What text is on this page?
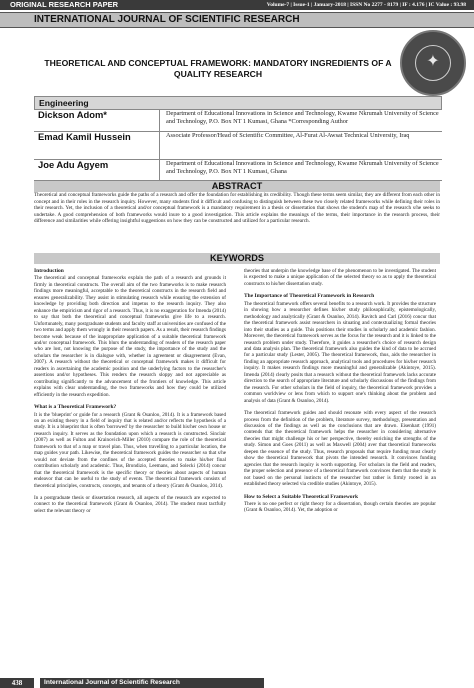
ORIGINAL RESEARCH PAPER	Volume-7 | Issue-1 | January-2018 | ISSN No 2277 - 8179 | IF : 4.176 | IC Value : 93.98
INTERNATIONAL JOURNAL OF SCIENTIFIC RESEARCH
✦
THEORETICAL AND CONCEPTUAL FRAMEWORK: MANDATORY INGREDIENTS OF A QUALITY RESEARCH
Engineering
Dickson Adom*	Department of Educational Innovations in Science and Technology, Kwame Nkrumah University of Science and Technology, P.O. Box NT 1 Kumasi, Ghana *Corresponding Author
Emad Kamil Hussein	Associate Professor/Head of Scientific Committee, Al-Furat Al-Awsat Technical University, Iraq
Joe Adu Agyem	Department of Educational Innovations in Science and Technology, Kwame Nkrumah University of Science and Technology, P.O. Box NT 1 Kumasi, Ghana
ABSTRACT

Theoretical and conceptual frameworks guide the paths of a research and offer the foundation for establishing its credibility. Though these terms seem similar, they are different from each other in concept and in their roles in the research inquiry. However, many students find it difficult and confusing to distinguish between these two closely related frameworks while defining their roles in their research. Yet, the inclusion of a theoretical and/or conceptual framework is a mandatory requirement in a thesis or dissertation that shows the student's map of the research s/he seeks to undertake. A good comprehension of both frameworks would inure to a good investigation. This article explains the meanings of the terms, their importance in the research process, their difference and similarities while offering insightful suggestions on how they can be constructed and utilized for a particular research.

KEYWORDS
Introduction

The theoretical and conceptual frameworks explain the path of a research and grounds it firmly in theoretical constructs. The overall aim of the two frameworks is to make research findings more meaningful, acceptable to the theoretical constructs in the research field and ensures generalizability. They assist in stimulating research while ensuring the extension of knowledge by providing both direction and impetus to the research inquiry. They also enhance the empiricism and rigor of a research. Thus, it is no exaggeration for Imenda (2014) to say that both the theoretical and conceptual frameworks give life to a research. Unfortunately, many postgraduate students and faculty staff at universities are confused of the two terms and apply them wrongly in their research papers. As a result, their research findings become weak because of the inappropriate application of a suitable theoretical framework and/or conceptual framework. This blurs the understanding of readers of the research paper who are lost, not knowing the purpose of the study, the importance of the study and the scholars the researcher is in dialogue with, whether in agreement or disagreement (Evan, 2007). A research without the theoretical or conceptual framework makes it difficult for readers in ascertaining the academic position and the underlying factors to the researcher's assertions and/or hypotheses. This renders the research sloppy and not appreciable as contributing significantly to the advancement of the frontiers of knowledge. This article explains with clear understanding, the two frameworks and how they could be utilized efficiently in the research expedition.

What is a Theoretical Framework?

It is the 'blueprint' or guide for a research (Grant & Osanloo, 2014). It is a framework based on an existing theory in a field of inquiry that is related and/or reflects the hypothesis of a study. It is a blueprint that is often 'borrowed' by the researcher to build his/her own house or research inquiry. It serves as the foundation upon which a research is constructed. Sinclair (2007) as well as Fulton and Krainovich-Miller (2010) compare the role of the theoretical framework to that of a map or travel plan. Thus, when travelling to a particular location, the map guides your path. Likewise, the theoretical framework guides the researcher so that s/he would not deviate from the confines of the accepted theories to make his/her final contribution scholarly and academic. Thus, Brondizio, Leemans, and Solecki (2014) concur that the theoretical framework is the specific theory or theories about aspects of human endeavor that can be useful to the study of events. The theoretical framework consists of theoretical principles, constructs, concepts, and tenants of a theory (Grant & Osanloo, 2014).

In a postgraduate thesis or dissertation research, all aspects of the research are expected to connect to the theoretical framework (Grant & Osanloo, 2014). The student must tactfully select the relevant theory or

theories that underpin the knowledge base of the phenomenon to be investigated. The student is expected to make a unique application of the selected theory so as to apply the theoretical constructs to his/her dissertation study.

The Importance of Theoretical Framework in Research

The theoretical framework offers several benefits to a research work. It provides the structure in showing how a researcher defines his/her study philosophically, epistemologically, methodology and analytically (Grant & Osanloo, 2014). Ravitch and Carl (2016) concur that the theoretical framework assist researchers in situating and contextualizing formal theories into their studies as a guide. This positions their studies in scholarly and academic fashion. Moreover, the theoretical framework serves as the focus for the research and it is linked to the research problem under study. Therefore, it guides a researcher's choice of research design and data analysis plan. The theoretical framework also guides the kind of data to be accrued for a particular study (Lester, 2005). The theoretical framework, thus, aids the researcher in finding an appropriate research approach, analytical tools and procedures for his/her research inquiry. It makes research findings more meaningful and generalizable (Akintoye, 2015). Imenda (2014) clearly posits that a research without the theoretical framework lacks accurate direction to the search of appropriate literature and scholarly discussions of the findings from the research. For other scholars in the field of inquiry, the theoretical framework provides a common worldview or lens from which to support one's thinking about the problem and analysis of data (Grant & Osanloo, 2014).

The theoretical framework guides and should resonate with every aspect of the research process from the definition of the problem, literature survey, methodology, presentation and discussion of the findings as well as the conclusions that are drawn. Eisenhart (1991) contends that the theoretical framework helps the researcher in considering alternative theories that might challenge his or her perspective, thereby enriching the strengths of the study. Simon and Goes (2011) as well as Maxwell (2004) aver that theoretical frameworks deepen the essence of the study. Thus, research proposals that require funding must clearly show the theoretical framework that pivots the intended research. It convinces funding agencies that the research inquiry is worth supporting. For scholars in the field and readers, the proper selection and presence of a theoretical framework convinces them that the study is not based on the personal instincts of the researcher but rather is firmly rooted in an established theory selected via credible studies (Akintoye, 2015).

How to Select a Suitable Theoretical Framework

There is no one perfect or right theory for a dissertation, though certain theories are popular (Grant & Osanloo, 2014). Yet, the adoption or

438	International Journal of Scientific Research
